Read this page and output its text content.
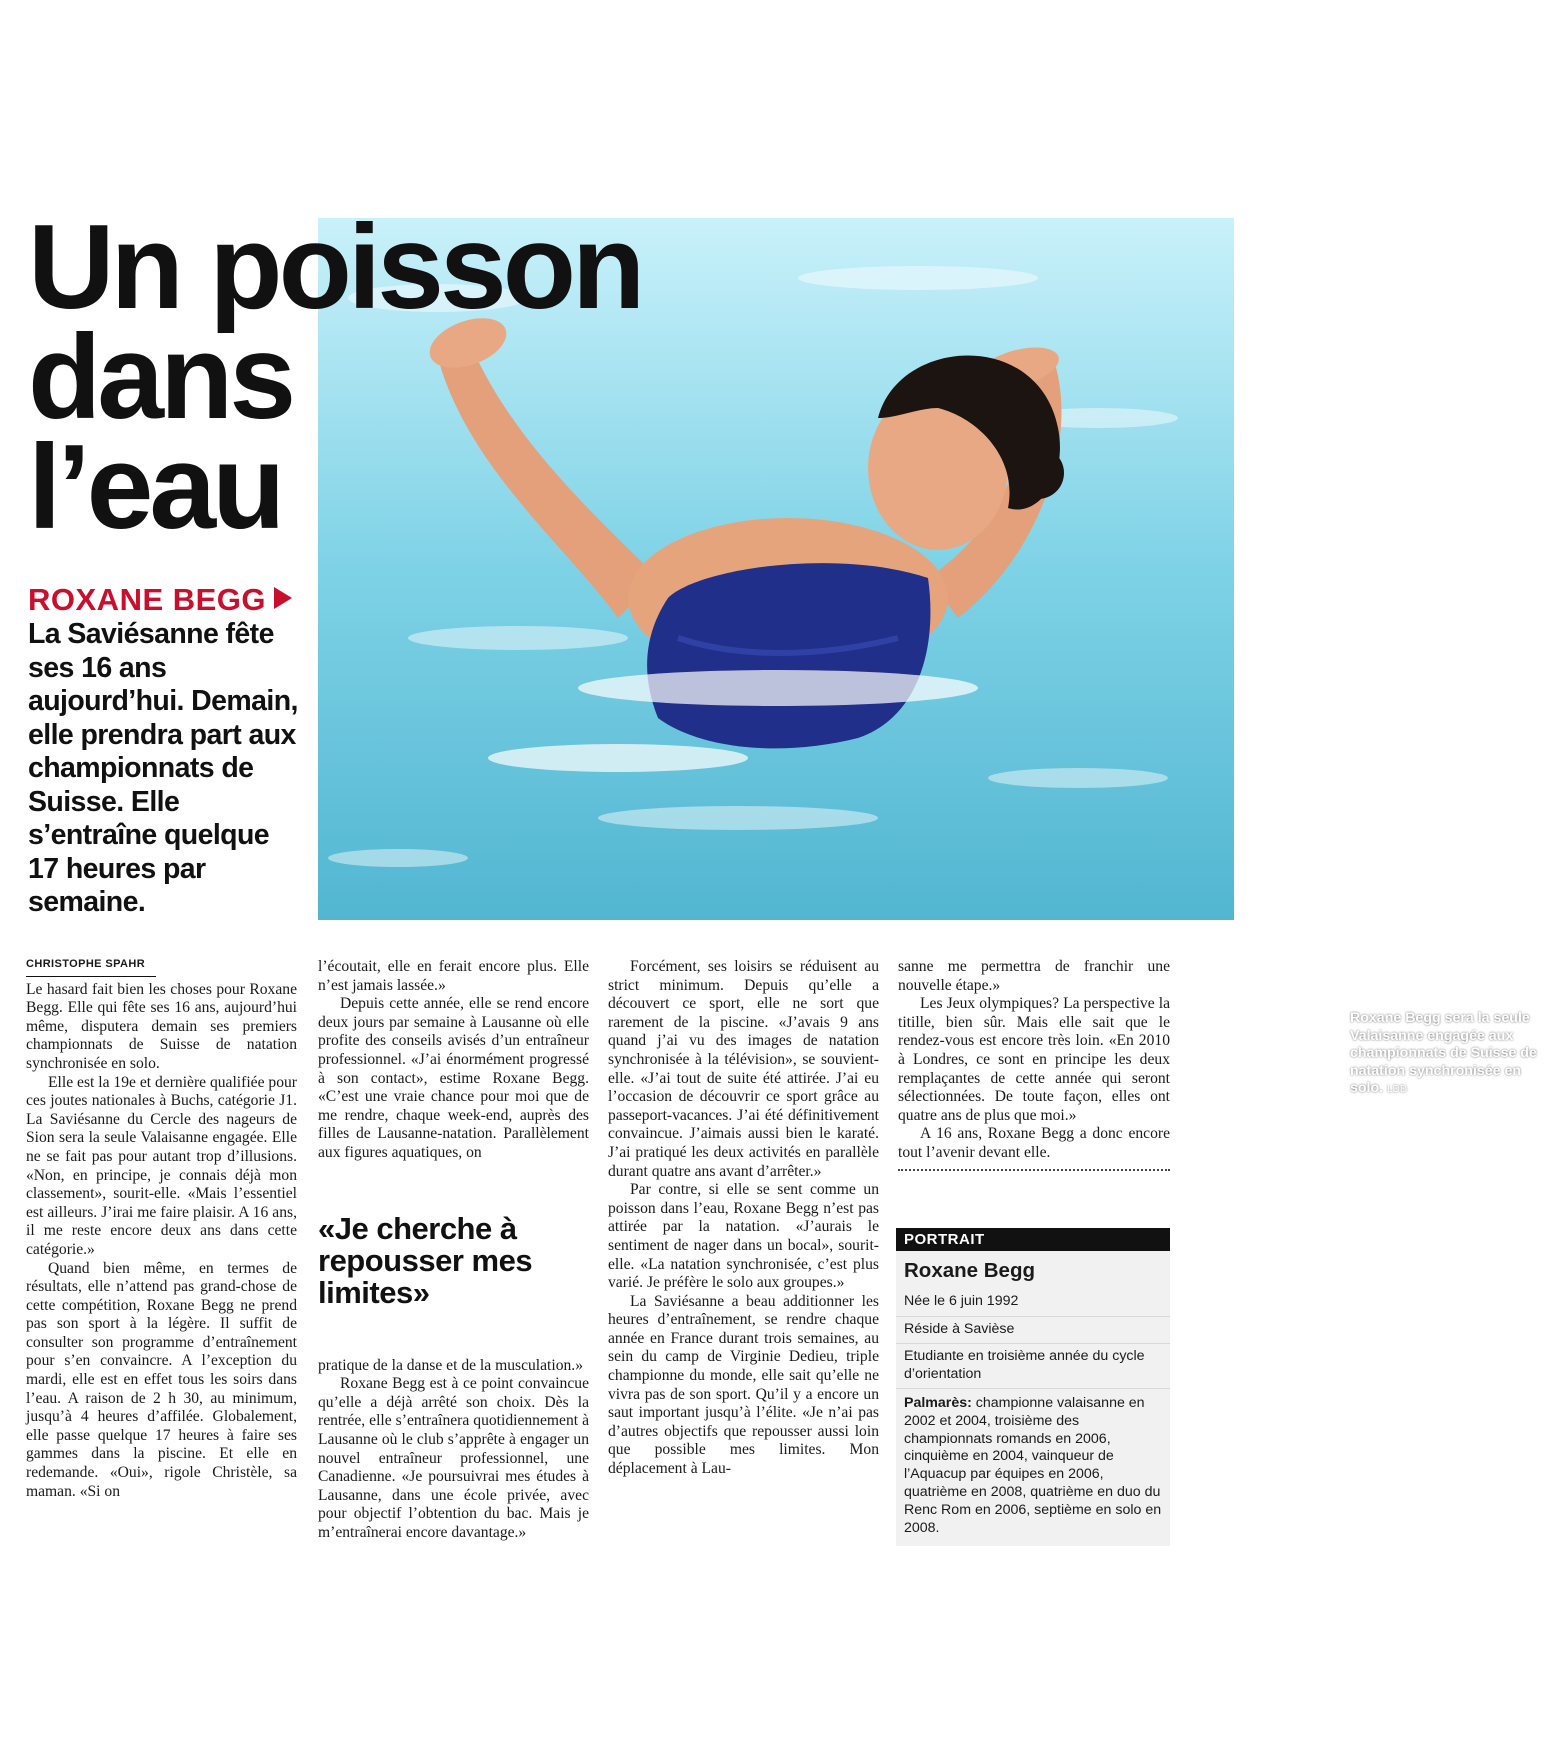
Roxane Begg sera la seule Valaisanne engagée aux championnats de Suisse de natation synchronisée en solo. LDD
Un poisson
dans
l’eau
ROXANE BEGG
La Saviésanne fête ses 16 ans aujourd’hui. Demain, elle prendra part aux championnats de Suisse. Elle s’entraîne quelque 17 heures par semaine.
CHRISTOPHE SPAHR

Le hasard fait bien les choses pour Roxane Begg. Elle qui fête ses 16 ans, aujourd’hui même, disputera demain ses premiers championnats de Suisse de natation synchronisée en solo.

Elle est la 19e et dernière qualifiée pour ces joutes nationales à Buchs, catégorie J1. La Saviésanne du Cercle des nageurs de Sion sera la seule Valaisanne engagée. Elle ne se fait pas pour autant trop d’illusions. «Non, en principe, je connais déjà mon classement», sourit-elle. «Mais l’essentiel est ailleurs. J’irai me faire plaisir. A 16 ans, il me reste encore deux ans dans cette catégorie.»

Quand bien même, en termes de résultats, elle n’attend pas grand-chose de cette compétition, Roxane Begg ne prend pas son sport à la légère. Il suffit de consulter son programme d’entraînement pour s’en convaincre. A l’exception du mardi, elle est en effet tous les soirs dans l’eau. A raison de 2 h 30, au minimum, jusqu’à 4 heures d’affilée. Globalement, elle passe quelque 17 heures à faire ses gammes dans la piscine. Et elle en redemande. «Oui», rigole Christèle, sa maman. «Si on

l’écoutait, elle en ferait encore plus. Elle n’est jamais lassée.»

Depuis cette année, elle se rend encore deux jours par semaine à Lausanne où elle profite des conseils avisés d’un entraîneur professionnel. «J’ai énormément progressé à son contact», estime Roxane Begg. «C’est une vraie chance pour moi que de me rendre, chaque week-end, auprès des filles de Lausanne-natation. Parallèlement aux figures aquatiques, on

«Je cherche à repousser mes limites»

pratique de la danse et de la musculation.»

Roxane Begg est à ce point convaincue qu’elle a déjà arrêté son choix. Dès la rentrée, elle s’entraînera quotidiennement à Lausanne où le club s’apprête à engager un nouvel entraîneur professionnel, une Canadienne. «Je poursuivrai mes études à Lausanne, dans une école privée, avec pour objectif l’obtention du bac. Mais je m’entraînerai encore davantage.»

Forcément, ses loisirs se réduisent au strict minimum. Depuis qu’elle a découvert ce sport, elle ne sort que rarement de la piscine. «J’avais 9 ans quand j’ai vu des images de natation synchronisée à la télévision», se souvient-elle. «J’ai tout de suite été attirée. J’ai eu l’occasion de découvrir ce sport grâce au passeport-vacances. J’ai été définitivement convaincue. J’aimais aussi bien le karaté. J’ai pratiqué les deux activités en parallèle durant quatre ans avant d’arrêter.»

Par contre, si elle se sent comme un poisson dans l’eau, Roxane Begg n’est pas attirée par la natation. «J’aurais le sentiment de nager dans un bocal», sourit-elle. «La natation synchronisée, c’est plus varié. Je préfère le solo aux groupes.»

La Saviésanne a beau additionner les heures d’entraînement, se rendre chaque année en France durant trois semaines, au sein du camp de Virginie Dedieu, triple championne du monde, elle sait qu’elle ne vivra pas de son sport. Qu’il y a encore un saut important jusqu’à l’élite. «Je n’ai pas d’autres objectifs que repousser aussi loin que possible mes limites. Mon déplacement à Lau-

sanne me permettra de franchir une nouvelle étape.»

Les Jeux olympiques? La perspective la titille, bien sûr. Mais elle sait que le rendez-vous est encore très loin. «En 2010 à Londres, ce sont en principe les deux remplaçantes de cette année qui seront sélectionnées. De toute façon, elles ont quatre ans de plus que moi.»

A 16 ans, Roxane Begg a donc encore tout l’avenir devant elle.

PORTRAIT
Roxane Begg
Née le 6 juin 1992
Réside à Savièse
Etudiante en troisième année du cycle d’orientation
Palmarès: championne valaisanne en 2002 et 2004, troisième des championnats romands en 2006, cinquième en 2004, vainqueur de l’Aquacup par équipes en 2006, quatrième en 2008, quatrième en duo du Renc Rom en 2006, septième en solo en 2008.
